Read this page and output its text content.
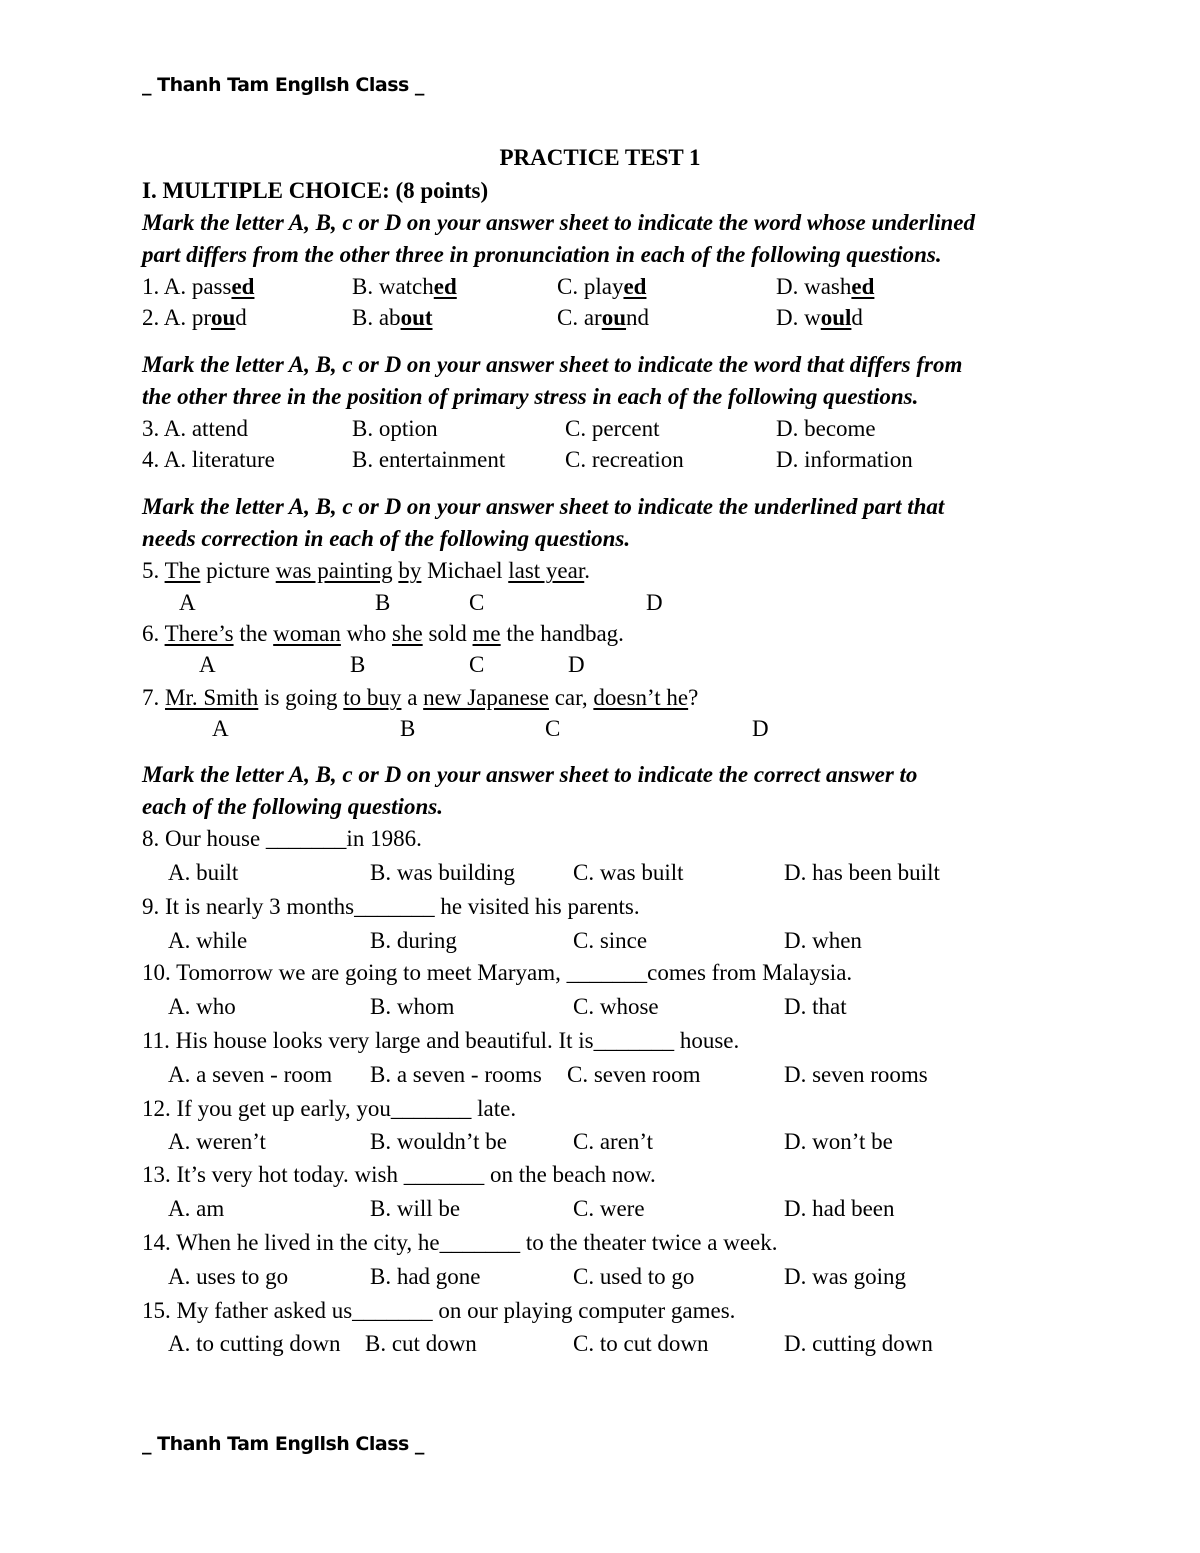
_ Thanh Tam Engllsh Class _
PRACTICE TEST 1
I. MULTIPLE CHOICE: (8 points)
Mark the letter A, B, c or D on your answer sheet to indicate the word whose underlined
part differs from the other three in pronunciation in each of the following questions.
1. A. passed	B. watched	C. played	D. washed
2. A. proud	B. about	C. around	D. would
Mark the letter A, B, c or D on your answer sheet to indicate the word that differs from
the other three in the position of primary stress in each of the following questions.
3. A. attend	B. option	C. percent	D. become
4. A. literature	B. entertainment	C. recreation	D. information
Mark the letter A, B, c or D on your answer sheet to indicate the underlined part that
needs correction in each of the following questions.
5. The picture was painting by Michael last year.
A	B	C	D
6. There’s the woman who she sold me the handbag.
A	B	C	D
7. Mr. Smith is going to buy a new Japanese car, doesn’t he?
A	B	C	D
Mark the letter A, B, c or D on your answer sheet to indicate the correct answer to
each of the following questions.
8. Our house _______in 1986.
A. built	B. was building	C. was built	D. has been built
9. It is nearly 3 months_______ he visited his parents.
A. while	B. during	C. since	D. when
10. Tomorrow we are going to meet Maryam, _______comes from Malaysia.
A. who	B. whom	C. whose	D. that
11. His house looks very large and beautiful. It is_______ house.
A. a seven - room B. a seven - rooms C. seven room	D. seven rooms
12. If you get up early, you_______ late.
A. weren’t	B. wouldn’t be	C. aren’t	D. won’t be
13. It’s very hot today. wish _______ on the beach now.
A. am	B. will be	C. were	D. had been
14. When he lived in the city, he_______ to the theater twice a week.
A. uses to go	B. had gone	C. used to go	D. was going
15. My father asked us_______ on our playing computer games.
A. to cutting down B. cut down	C. to cut down	D. cutting down
_ Thanh Tam Engllsh Class _
